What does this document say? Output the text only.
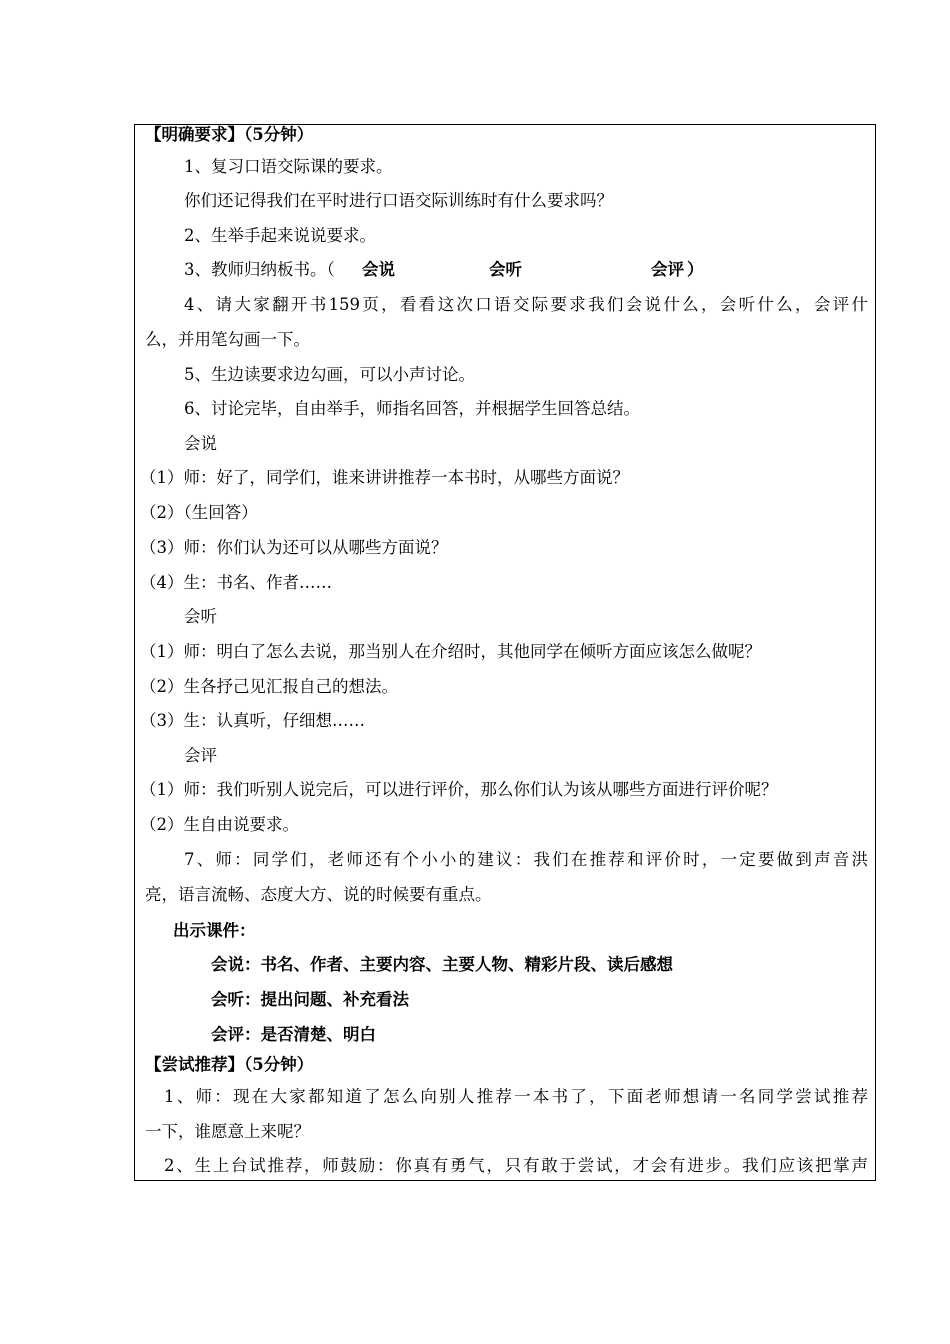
【明确要求】（5分钟）
1、复习口语交际课的要求。
你们还记得我们在平时进行口语交际训练时有什么要求吗？
2、生举手起来说说要求。
3、教师归纳板书。（ 会说	会听	会评 ）
4、请大家翻开书159页，看看这次口语交际要求我们会说什么，会听什么，会评什
么，并用笔勾画一下。
5、生边读要求边勾画，可以小声讨论。
6、讨论完毕，自由举手，师指名回答，并根据学生回答总结。
会说
（1）师：好了，同学们，谁来讲讲推荐一本书时，从哪些方面说？
（2）（生回答）
（3）师：你们认为还可以从哪些方面说？
（4）生：书名、作者……
会听
（1）师：明白了怎么去说，那当别人在介绍时，其他同学在倾听方面应该怎么做呢？
（2）生各抒己见汇报自己的想法。
（3）生：认真听，仔细想……
会评
（1）师：我们听别人说完后，可以进行评价，那么你们认为该从哪些方面进行评价呢？
（2）生自由说要求。
7、师：同学们，老师还有个小小的建议：我们在推荐和评价时，一定要做到声音洪
亮，语言流畅、态度大方、说的时候要有重点。
出示课件：
会说：书名、作者、主要内容、主要人物、精彩片段、读后感想
会听：提出问题、补充看法
会评：是否清楚、明白
【尝试推荐】（5分钟）
1、师：现在大家都知道了怎么向别人推荐一本书了，下面老师想请一名同学尝试推荐
一下，谁愿意上来呢？
2、生上台试推荐，师鼓励：你真有勇气，只有敢于尝试，才会有进步。我们应该把掌声
